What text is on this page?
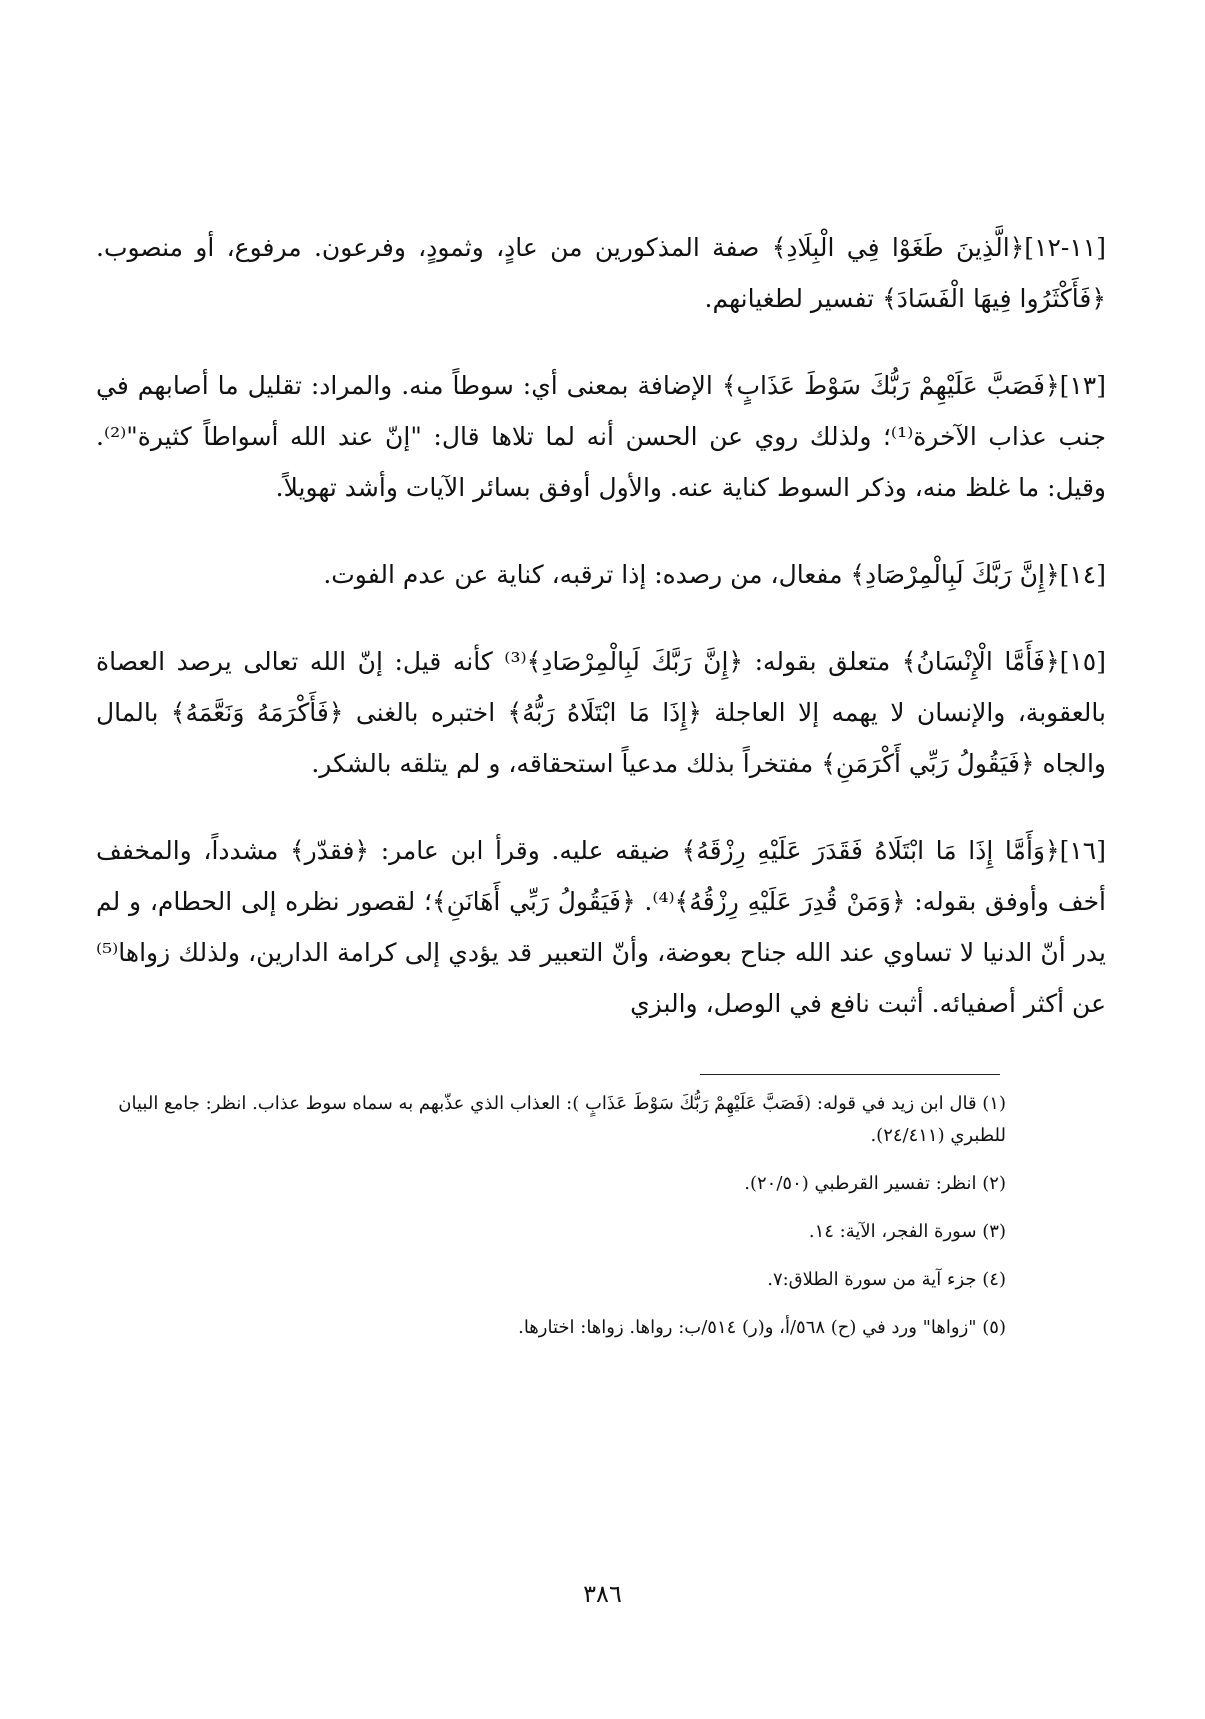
[١١-١٢]﴿الَّذِينَ طَغَوْا فِي الْبِلَادِ﴾ صفة المذكورين من عادٍ، وثمودٍ، وفرعون. مرفوع، أو منصوب. ﴿فَأَكْثَرُوا فِيهَا الْفَسَادَ﴾ تفسير لطغيانهم.

[١٣]﴿فَصَبَّ عَلَيْهِمْ رَبُّكَ سَوْطَ عَذَابٍ﴾ الإضافة بمعنى أي: سوطاً منه. والمراد: تقليل ما أصابهم في جنب عذاب الآخرة⁽¹⁾؛ ولذلك روي عن الحسن أنه لما تلاها قال: "إنّ عند الله أسواطاً كثيرة"⁽²⁾. وقيل: ما غلظ منه، وذكر السوط كناية عنه. والأول أوفق بسائر الآيات وأشد تهويلاً.

[١٤]﴿إِنَّ رَبَّكَ لَبِالْمِرْصَادِ﴾ مفعال، من رصده: إذا ترقبه، كناية عن عدم الفوت.

[١٥]﴿فَأَمَّا الْإِنْسَانُ﴾ متعلق بقوله: ﴿إِنَّ رَبَّكَ لَبِالْمِرْصَادِ﴾⁽³⁾ كأنه قيل: إنّ الله تعالى يرصد العصاة بالعقوبة، والإنسان لا يهمه إلا العاجلة ﴿إِذَا مَا ابْتَلَاهُ رَبُّهُ﴾ اختبره بالغنى ﴿فَأَكْرَمَهُ وَنَعَّمَهُ﴾ بالمال والجاه ﴿فَيَقُولُ رَبِّي أَكْرَمَنِ﴾ مفتخراً بذلك مدعياً استحقاقه، و لم يتلقه بالشكر.

[١٦]﴿وَأَمَّا إِذَا مَا ابْتَلَاهُ فَقَدَرَ عَلَيْهِ رِزْقَهُ﴾ ضيقه عليه. وقرأ ابن عامر: ﴿فقدّر﴾ مشدداً، والمخفف أخف وأوفق بقوله: ﴿وَمَنْ قُدِرَ عَلَيْهِ رِزْقُهُ﴾⁽⁴⁾. ﴿فَيَقُولُ رَبِّي أَهَانَنِ﴾؛ لقصور نظره إلى الحطام، و لم يدر أنّ الدنيا لا تساوي عند الله جناح بعوضة، وأنّ التعبير قد يؤدي إلى كرامة الدارين، ولذلك زواها⁽⁵⁾ عن أكثر أصفيائه. أثبت نافع في الوصل، والبزي

(١) قال ابن زيد في قوله: (فَصَبَّ عَلَيْهِمْ رَبُّكَ سَوْطَ عَذَابٍ ): العذاب الذي عذّبهم به سماه سوط عذاب. انظر: جامع البيان للطبري (٢٤/٤١١).

(٢) انظر: تفسير القرطبي (٢٠/٥٠).

(٣) سورة الفجر، الآية: ١٤.

(٤) جزء آية من سورة الطلاق:٧.

(٥) "زواها" ورد في (ح) ٥٦٨/أ، و(ر) ٥١٤/ب: رواها. زواها: اختارها.

٣٨٦
